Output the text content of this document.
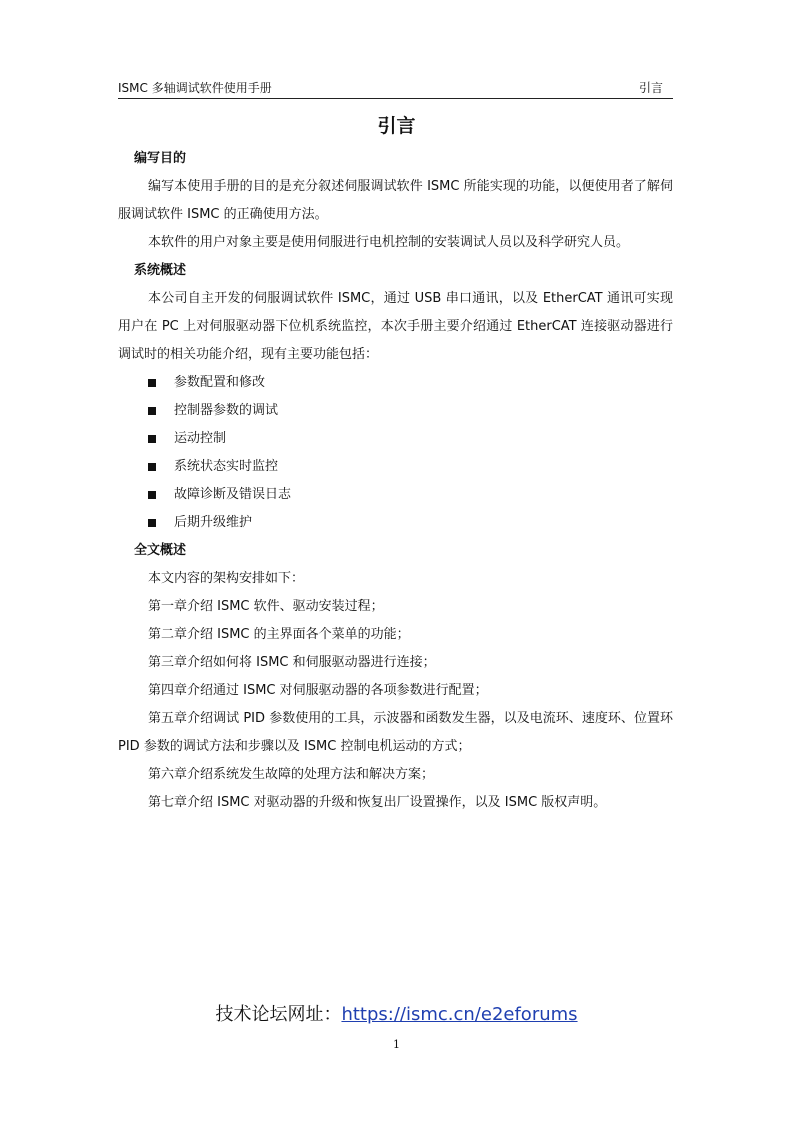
ISMC 多轴调试软件使用手册	引言
引言
编写目的
编写本使用手册的目的是充分叙述伺服调试软件 ISMC 所能实现的功能，以便使用者了解伺服调试软件 ISMC 的正确使用方法。
本软件的用户对象主要是使用伺服进行电机控制的安装调试人员以及科学研究人员。
系统概述
本公司自主开发的伺服调试软件 ISMC，通过 USB 串口通讯，以及 EtherCAT 通讯可实现用户在 PC 上对伺服驱动器下位机系统监控，本次手册主要介绍通过 EtherCAT 连接驱动器进行调试时的相关功能介绍，现有主要功能包括：
参数配置和修改
控制器参数的调试
运动控制
系统状态实时监控
故障诊断及错误日志
后期升级维护
全文概述
本文内容的架构安排如下：
第一章介绍 ISMC 软件、驱动安装过程；
第二章介绍 ISMC 的主界面各个菜单的功能；
第三章介绍如何将 ISMC 和伺服驱动器进行连接；
第四章介绍通过 ISMC 对伺服驱动器的各项参数进行配置；
第五章介绍调试 PID 参数使用的工具，示波器和函数发生器，以及电流环、速度环、位置环 PID 参数的调试方法和步骤以及 ISMC 控制电机运动的方式；
第六章介绍系统发生故障的处理方法和解决方案；
第七章介绍 ISMC 对驱动器的升级和恢复出厂设置操作，以及 ISMC 版权声明。
技术论坛网址：https://ismc.cn/e2eforums
1
